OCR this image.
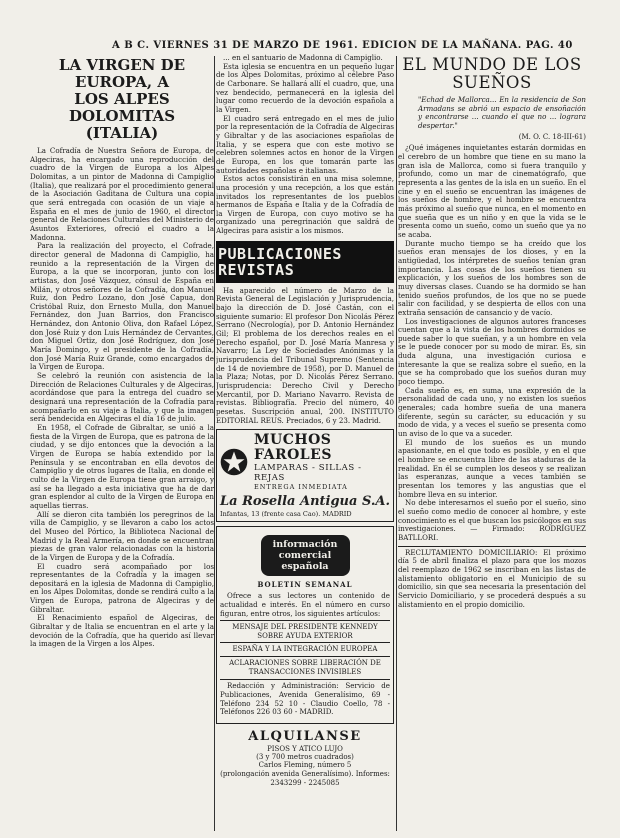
A B C. VIERNES 31 DE MARZO DE 1961. EDICION DE LA MAÑANA. PAG. 40
LA VIRGEN DE EUROPA, A
LOS ALPES DOLOMITAS
(ITALIA)

La Cofradía de Nuestra Señora de Europa, de Algeciras, ha encargado una reproducción del cuadro de la Virgen de Europa a los Alpes Dolomitas, a un pintor de Madonna di Campiglio (Italia), que realizará por el procedimiento general de la Asociación Gaditana de Cultura una copia que será entregada con ocasión de un viaje a España en el mes de junio de 1960, el director general de Relaciones Culturales del Ministerio de Asuntos Exteriores, ofreció el cuadro a la Madonna.

Para la realización del proyecto, el Cofrade, director general de Madonna di Campiglio, ha reunido a la representación de la Virgen de Europa, a la que se incorporan, junto con los artistas, don José Vázquez, cónsul de España en Milán, y otros señores de la Cofradía, don Manuel Ruiz, don Pedro Lozano, don José Capua, don Cristóbal Ruiz, don Ernesto Mulla, don Manuel Fernández, don Juan Barrios, don Francisco Hernández, don Antonio Oliva, don Rafael López, don José Ruiz y don Luis Hernández de Cervantes, don Miguel Ortiz, don José Rodríguez, don José María Domingo, y el presidente de la Cofradía, don José María Ruiz Grande, como encargados de la Virgen de Europa.

Se celebró la reunión con asistencia de la Dirección de Relaciones Culturales y de Algeciras, acordándose que para la entrega del cuadro se designará una representación de la Cofradía para acompañarlo en su viaje a Italia, y que la imagen será bendecida en Algeciras el día 16 de julio.

En 1958, el Cofrade de Gibraltar, se unió a la fiesta de la Virgen de Europa, que es patrona de la ciudad, y se dijo entonces que la devoción a la Virgen de Europa se había extendido por la Península y se encontraban en ella devotos de Campiglio y de otros lugares de Italia, en donde el culto de la Virgen de Europa tiene gran arraigo, y así se ha llegado a esta iniciativa que ha de dar gran esplendor al culto de la Virgen de Europa en aquellas tierras.

Allí se dieron cita también los peregrinos de la villa de Campiglio, y se llevaron a cabo los actos del Museo del Pórtico, la Biblioteca Nacional de Madrid y la Real Armería, en donde se encuentran piezas de gran valor relacionadas con la historia de la Virgen de Europa y de la Cofradía.

El cuadro será acompañado por los representantes de la Cofradía y la imagen se depositará en la iglesia de Madonna di Campiglio, en los Alpes Dolomitas, donde se rendirá culto a la Virgen de Europa, patrona de Algeciras y de Gibraltar.

El Renacimiento español de Algeciras, de Gibraltar y de Italia se encuentran en el arte y la devoción de la Cofradía, que ha querido así llevar la imagen de la Virgen a los Alpes.

... en el santuario de Madonna di Campiglio.

Esta iglesia se encuentra en un pequeño lugar de los Alpes Dolomitas, próximo al célebre Paso de Carbonare. Se hallará allí el cuadro, que, una vez bendecido, permanecerá en la iglesia del lugar como recuerdo de la devoción española a la Virgen.

El cuadro será entregado en el mes de julio por la representación de la Cofradía de Algeciras y Gibraltar y de las asociaciones españolas de Italia, y se espera que con este motivo se celebren solemnes actos en honor de la Virgen de Europa, en los que tomarán parte las autoridades españolas e italianas.

Estos actos consistirán en una misa solemne, una procesión y una recepción, a los que están invitados los representantes de los pueblos hermanos de España e Italia y de la Cofradía de la Virgen de Europa, con cuyo motivo se ha organizado una peregrinación que saldrá de Algeciras para asistir a los mismos.

PUBLICACIONES REVISTAS

Ha aparecido el número de Marzo de la Revista General de Legislación y Jurisprudencia, bajo la dirección de D. José Castán, con el siguiente sumario: El profesor Don Nicolás Pérez Serrano (Necrología), por D. Antonio Hernández Gil; El problema de los derechos reales en el Derecho español, por D. José María Manresa y Navarro; La Ley de Sociedades Anónimas y la jurisprudencia del Tribunal Supremo (Sentencia de 14 de noviembre de 1958), por D. Manuel de la Plaza; Notas, por D. Nicolás Pérez Serrano. Jurisprudencia: Derecho Civil y Derecho Mercantil, por D. Mariano Navarro. Revista de revistas. Bibliografía. Precio del número, 40 pesetas. Suscripción anual, 200. INSTITUTO EDITORIAL REUS. Preciados, 6 y 23. Madrid.

MUCHOS FAROLES
LAMPARAS - SILLAS - REJAS
ENTREGA INMEDIATA
La Rosella Antigua S.A.
Infantas, 13 (frente casa Cao). MADRID
información comercial española
BOLETIN SEMANAL

Ofrece a sus lectores un contenido de actualidad e interés. En el número en curso figuran, entre otros, los siguientes artículos:

MENSAJE DEL PRESIDENTE KENNEDY SOBRE AYUDA EXTERIOR
ESPAÑA Y LA INTEGRACIÓN EUROPEA
ACLARACIONES SOBRE LIBERACIÓN DE TRANSACCIONES INVISIBLES

Redacción y Administración: Servicio de Publicaciones, Avenida Generalísimo, 69 - Teléfono 234 52 10 - Claudio Coello, 78 - Teléfonos 226 03 60 - MADRID.

ALQUILANSE
PISOS Y ATICO LUJO
(3 y 700 metros cuadrados)
Carlos Fleming, número 5
(prolongación avenida Generalísimo). Informes:
2343299 - 2245085
EL MUNDO DE LOS
SUEÑOS
"Echad de Mallorca... En la residencia de Son Armadans se abrió un espacio de ensoñación y encontrarse ... cuando el que no ... lograra despertar."
(M. O. C. 18-III-61)

¿Qué imágenes inquietantes estarán dormidas en el cerebro de un hombre que tiene en su mano la gran isla de Mallorca, como si fuera tranquilo y profundo, como un mar de cinematógrafo, que representa a las gentes de la isla en un sueño. En el cine y en el sueño se encuentran las imágenes de los sueños de hombre, y el hombre se encuentra más próximo al sueño que nunca, en el momento en que sueña que es un niño y en que la vida se le presenta como un sueño, como un sueño que ya no se acaba.

Durante mucho tiempo se ha creído que los sueños eran mensajes de los dioses, y en la antigüedad, los intérpretes de sueños tenían gran importancia. Las cosas de los sueños tienen su explicación, y los sueños de los hombres son de muy diversas clases. Cuando se ha dormido se han tenido sueños profundos, de los que no se puede salir con facilidad, y se despierta de ellos con una extraña sensación de cansancio y de vacío.

Los investigaciones de algunos autores franceses cuentan que a la vista de los hombres dormidos se puede saber lo que sueñan, y a un hombre en vela se le puede conocer por su modo de mirar. Es, sin duda alguna, una investigación curiosa e interesante la que se realiza sobre el sueño, en la que se ha comprobado que los sueños duran muy poco tiempo.

Cada sueño es, en suma, una expresión de la personalidad de cada uno, y no existen los sueños generales; cada hombre sueña de una manera diferente, según su carácter, su educación y su modo de vida, y a veces el sueño se presenta como un aviso de lo que va a suceder.

El mundo de los sueños es un mundo apasionante, en el que todo es posible, y en el que el hombre se encuentra libre de las ataduras de la realidad. En él se cumplen los deseos y se realizan las esperanzas, aunque a veces también se presentan los temores y las angustias que el hombre lleva en su interior.

No debe interesarnos el sueño por el sueño, sino el sueño como medio de conocer al hombre, y este conocimiento es el que buscan los psicólogos en sus investigaciones. — Firmado: RODRÍGUEZ BATLLORI.

RECLUTAMIENTO DOMICILIARIO: El próximo día 5 de abril finaliza el plazo para que los mozos del reemplazo de 1962 se inscriban en las listas de alistamiento obligatorio en el Municipio de su domicilio, sin que sea necesaria la presentación del Servicio Domiciliario, y se procederá después a su alistamiento en el propio domicilio.
